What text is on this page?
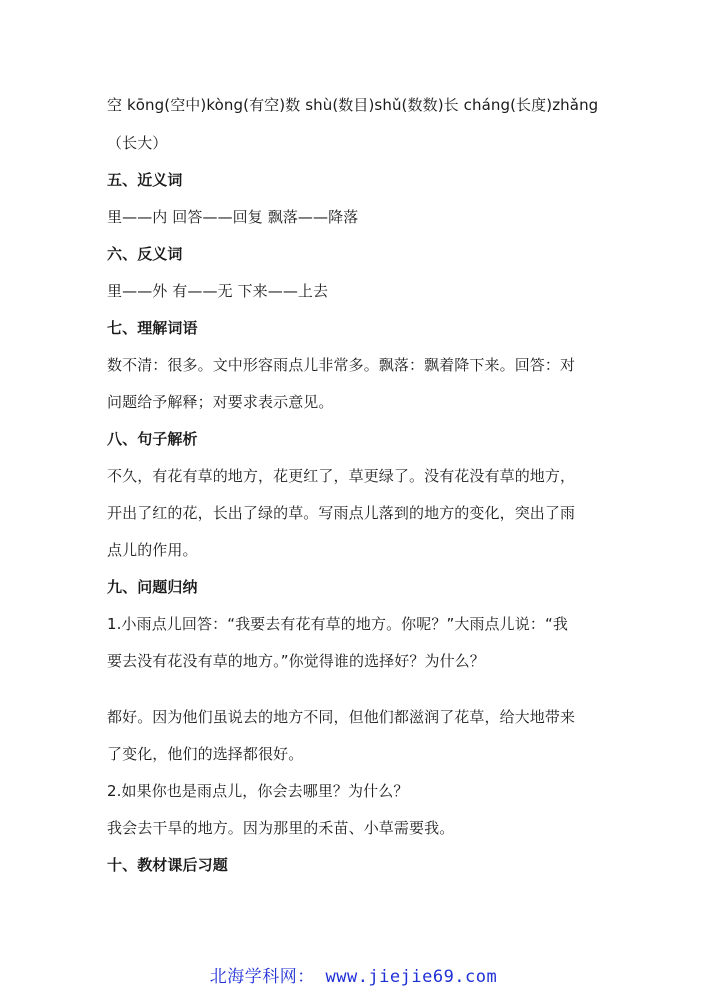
空 kōng(空中)kòng(有空)数 shù(数目)shǔ(数数)长 cháng(长度)zhǎng
（长大）
五、近义词
里——内 回答——回复 飘落——降落
六、反义词
里——外 有——无 下来——上去
七、理解词语
数不清：很多。文中形容雨点儿非常多。飘落：飘着降下来。回答：对
问题给予解释；对要求表示意见。
八、句子解析
不久，有花有草的地方，花更红了，草更绿了。没有花没有草的地方，
开出了红的花，长出了绿的草。写雨点儿落到的地方的变化，突出了雨
点儿的作用。
九、问题归纳
1.小雨点儿回答：“我要去有花有草的地方。你呢？”大雨点儿说：“我
要去没有花没有草的地方。”你觉得谁的选择好？为什么？
都好。因为他们虽说去的地方不同，但他们都滋润了花草，给大地带来
了变化，他们的选择都很好。
2.如果你也是雨点儿，你会去哪里？为什么？
我会去干旱的地方。因为那里的禾苗、小草需要我。
十、教材课后习题
北海学科网： www.jiejie69.com
